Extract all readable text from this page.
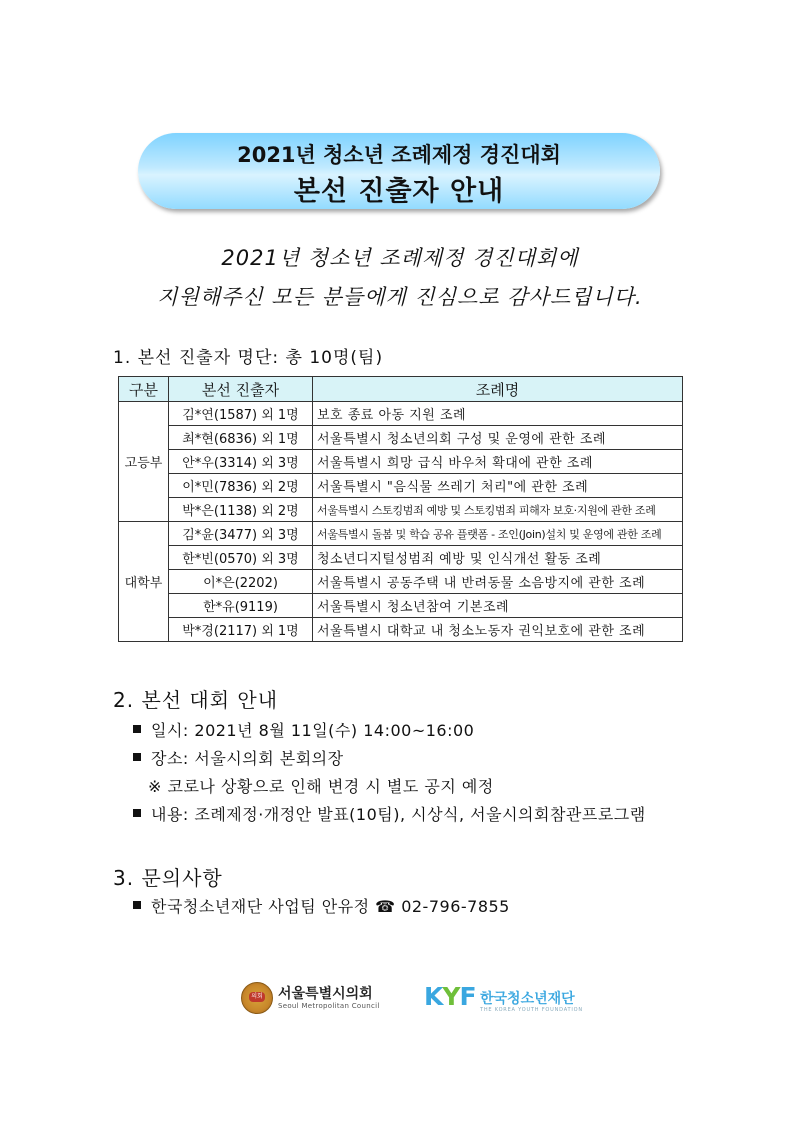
2021년 청소년 조례제정 경진대회
본선 진출자 안내
2021년 청소년 조례제정 경진대회에
지원해주신 모든 분들에게 진심으로 감사드립니다.
1. 본선 진출자 명단: 총 10명(팀)
구분	본선 진출자	조례명
고등부	김*연(1587) 외 1명	보호 종료 아동 지원 조례
	최*현(6836) 외 1명	서울특별시 청소년의회 구성 및 운영에 관한 조례
	안*우(3314) 외 3명	서울특별시 희망 급식 바우처 확대에 관한 조례
	이*민(7836) 외 2명	서울특별시 "음식물 쓰레기 처리"에 관한 조례
	박*은(1138) 외 2명	서울특별시 스토킹범죄 예방 및 스토킹범죄 피해자 보호·지원에 관한 조례
대학부	김*윤(3477) 외 3명	서울특별시 돌봄 및 학습 공유 플랫폼 - 조인(Join)설치 및 운영에 관한 조례
	한*빈(0570) 외 3명	청소년디지털성범죄 예방 및 인식개선 활동 조례
	이*은(2202)	서울특별시 공동주택 내 반려동물 소음방지에 관한 조례
	한*유(9119)	서울특별시 청소년참여 기본조례
	박*경(2117) 외 1명	서울특별시 대학교 내 청소노동자 권익보호에 관한 조례
2. 본선 대회 안내
일시: 2021년 8월 11일(수) 14:00~16:00
장소: 서울시의회 본회의장
※ 코로나 상황으로 인해 변경 시 별도 공지 예정
내용: 조례제정·개정안 발표(10팀), 시상식, 서울시의회참관프로그램
3. 문의사항
한국청소년재단 사업팀 안유정 ☎ 02-796-7855
의회 서울특별시의회
Seoul Metropolitan Council KYF 한국청소년재단
THE KOREA YOUTH FOUNDATION
